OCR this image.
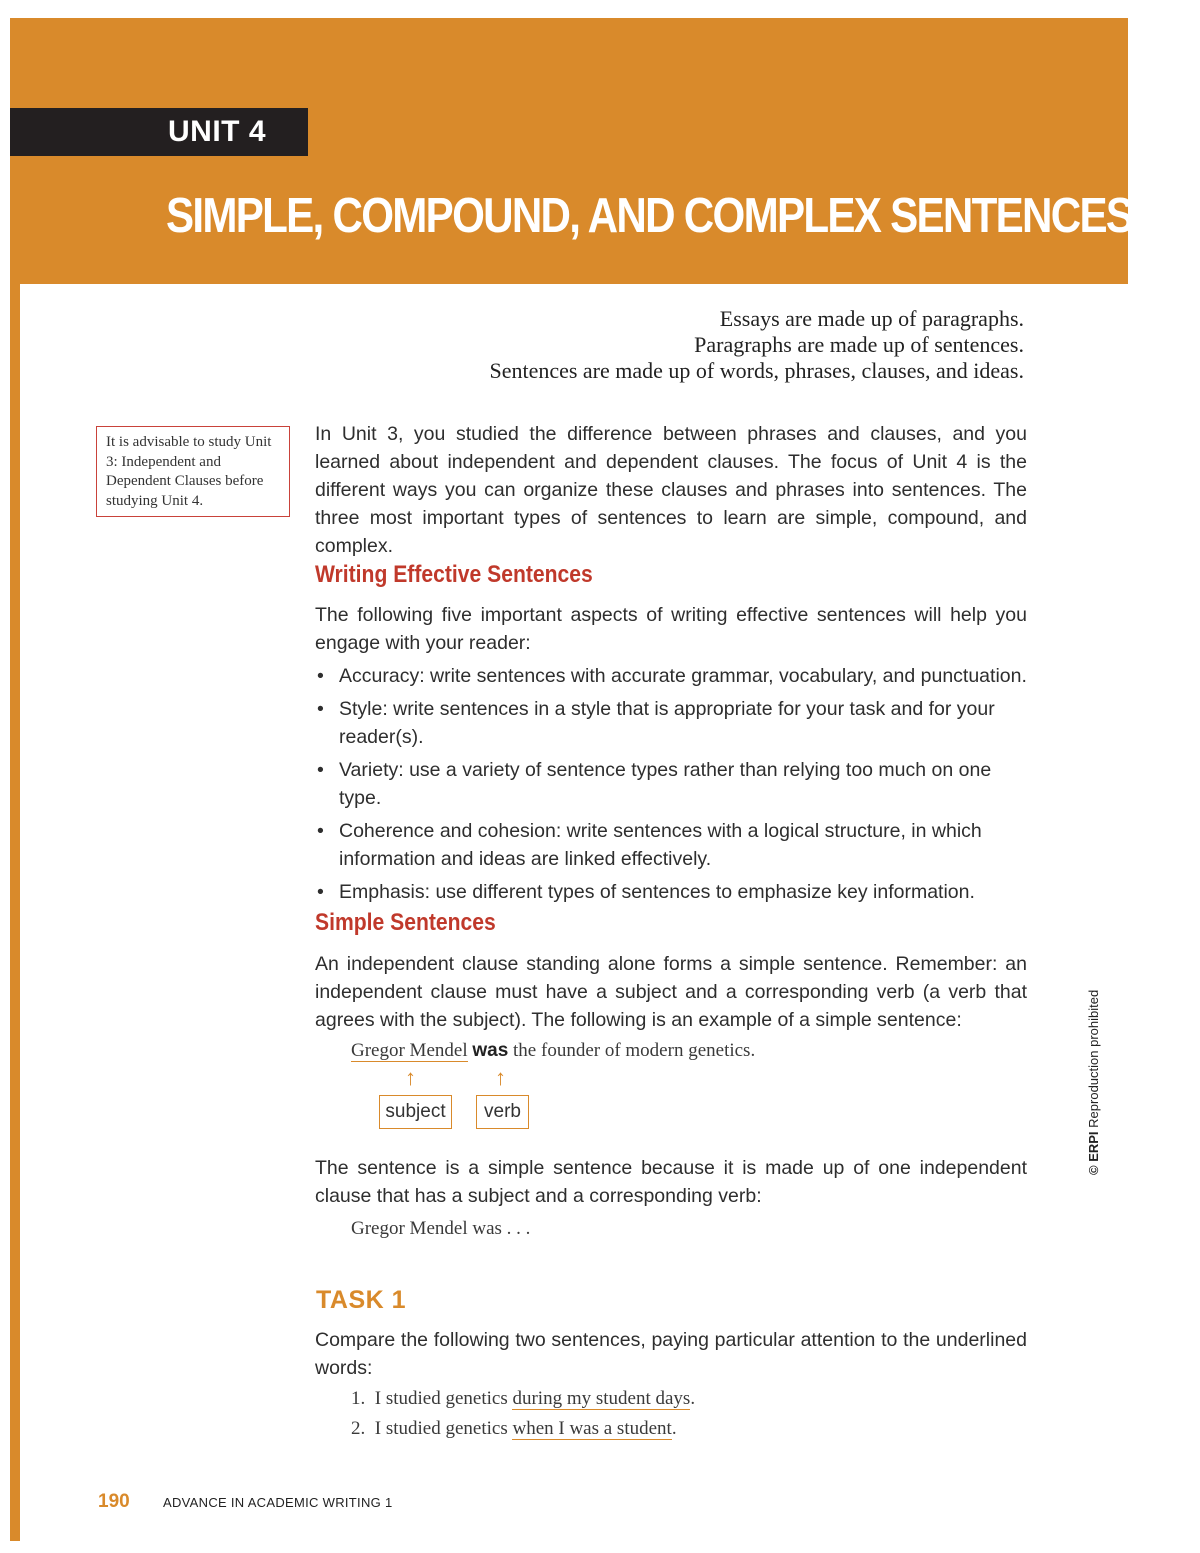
UNIT 4
SIMPLE, COMPOUND, AND COMPLEX SENTENCES
Essays are made up of paragraphs.
Paragraphs are made up of sentences.
Sentences are made up of words, phrases, clauses, and ideas.
It is advisable to study Unit 3: Independent and Dependent Clauses before studying Unit 4.

In Unit 3, you studied the difference between phrases and clauses, and you learned about independent and dependent clauses. The focus of Unit 4 is the different ways you can organize these clauses and phrases into sentences. The three most important types of sentences to learn are simple, compound, and complex.

Writing Effective Sentences

The following five important aspects of writing effective sentences will help you engage with your reader:

• Accuracy: write sentences with accurate grammar, vocabulary, and punctuation.
• Style: write sentences in a style that is appropriate for your task and for your reader(s).
• Variety: use a variety of sentence types rather than relying too much on one type.
• Coherence and cohesion: write sentences with a logical structure, in which information and ideas are linked effectively.
• Emphasis: use different types of sentences to emphasize key information.
Simple Sentences

An independent clause standing alone forms a simple sentence. Remember: an independent clause must have a subject and a corresponding verb (a verb that agrees with the subject). The following is an example of a simple sentence:

Gregor Mendel was the founder of modern genetics.
↑	↑
subject	verb

The sentence is a simple sentence because it is made up of one independent clause that has a subject and a corresponding verb:

Gregor Mendel was . . .
TASK 1

Compare the following two sentences, paying particular attention to the underlined words:

1. I studied genetics during my student days.
2. I studied genetics when I was a student.
© ERPI Reproduction prohibited
190	ADVANCE IN ACADEMIC WRITING 1
